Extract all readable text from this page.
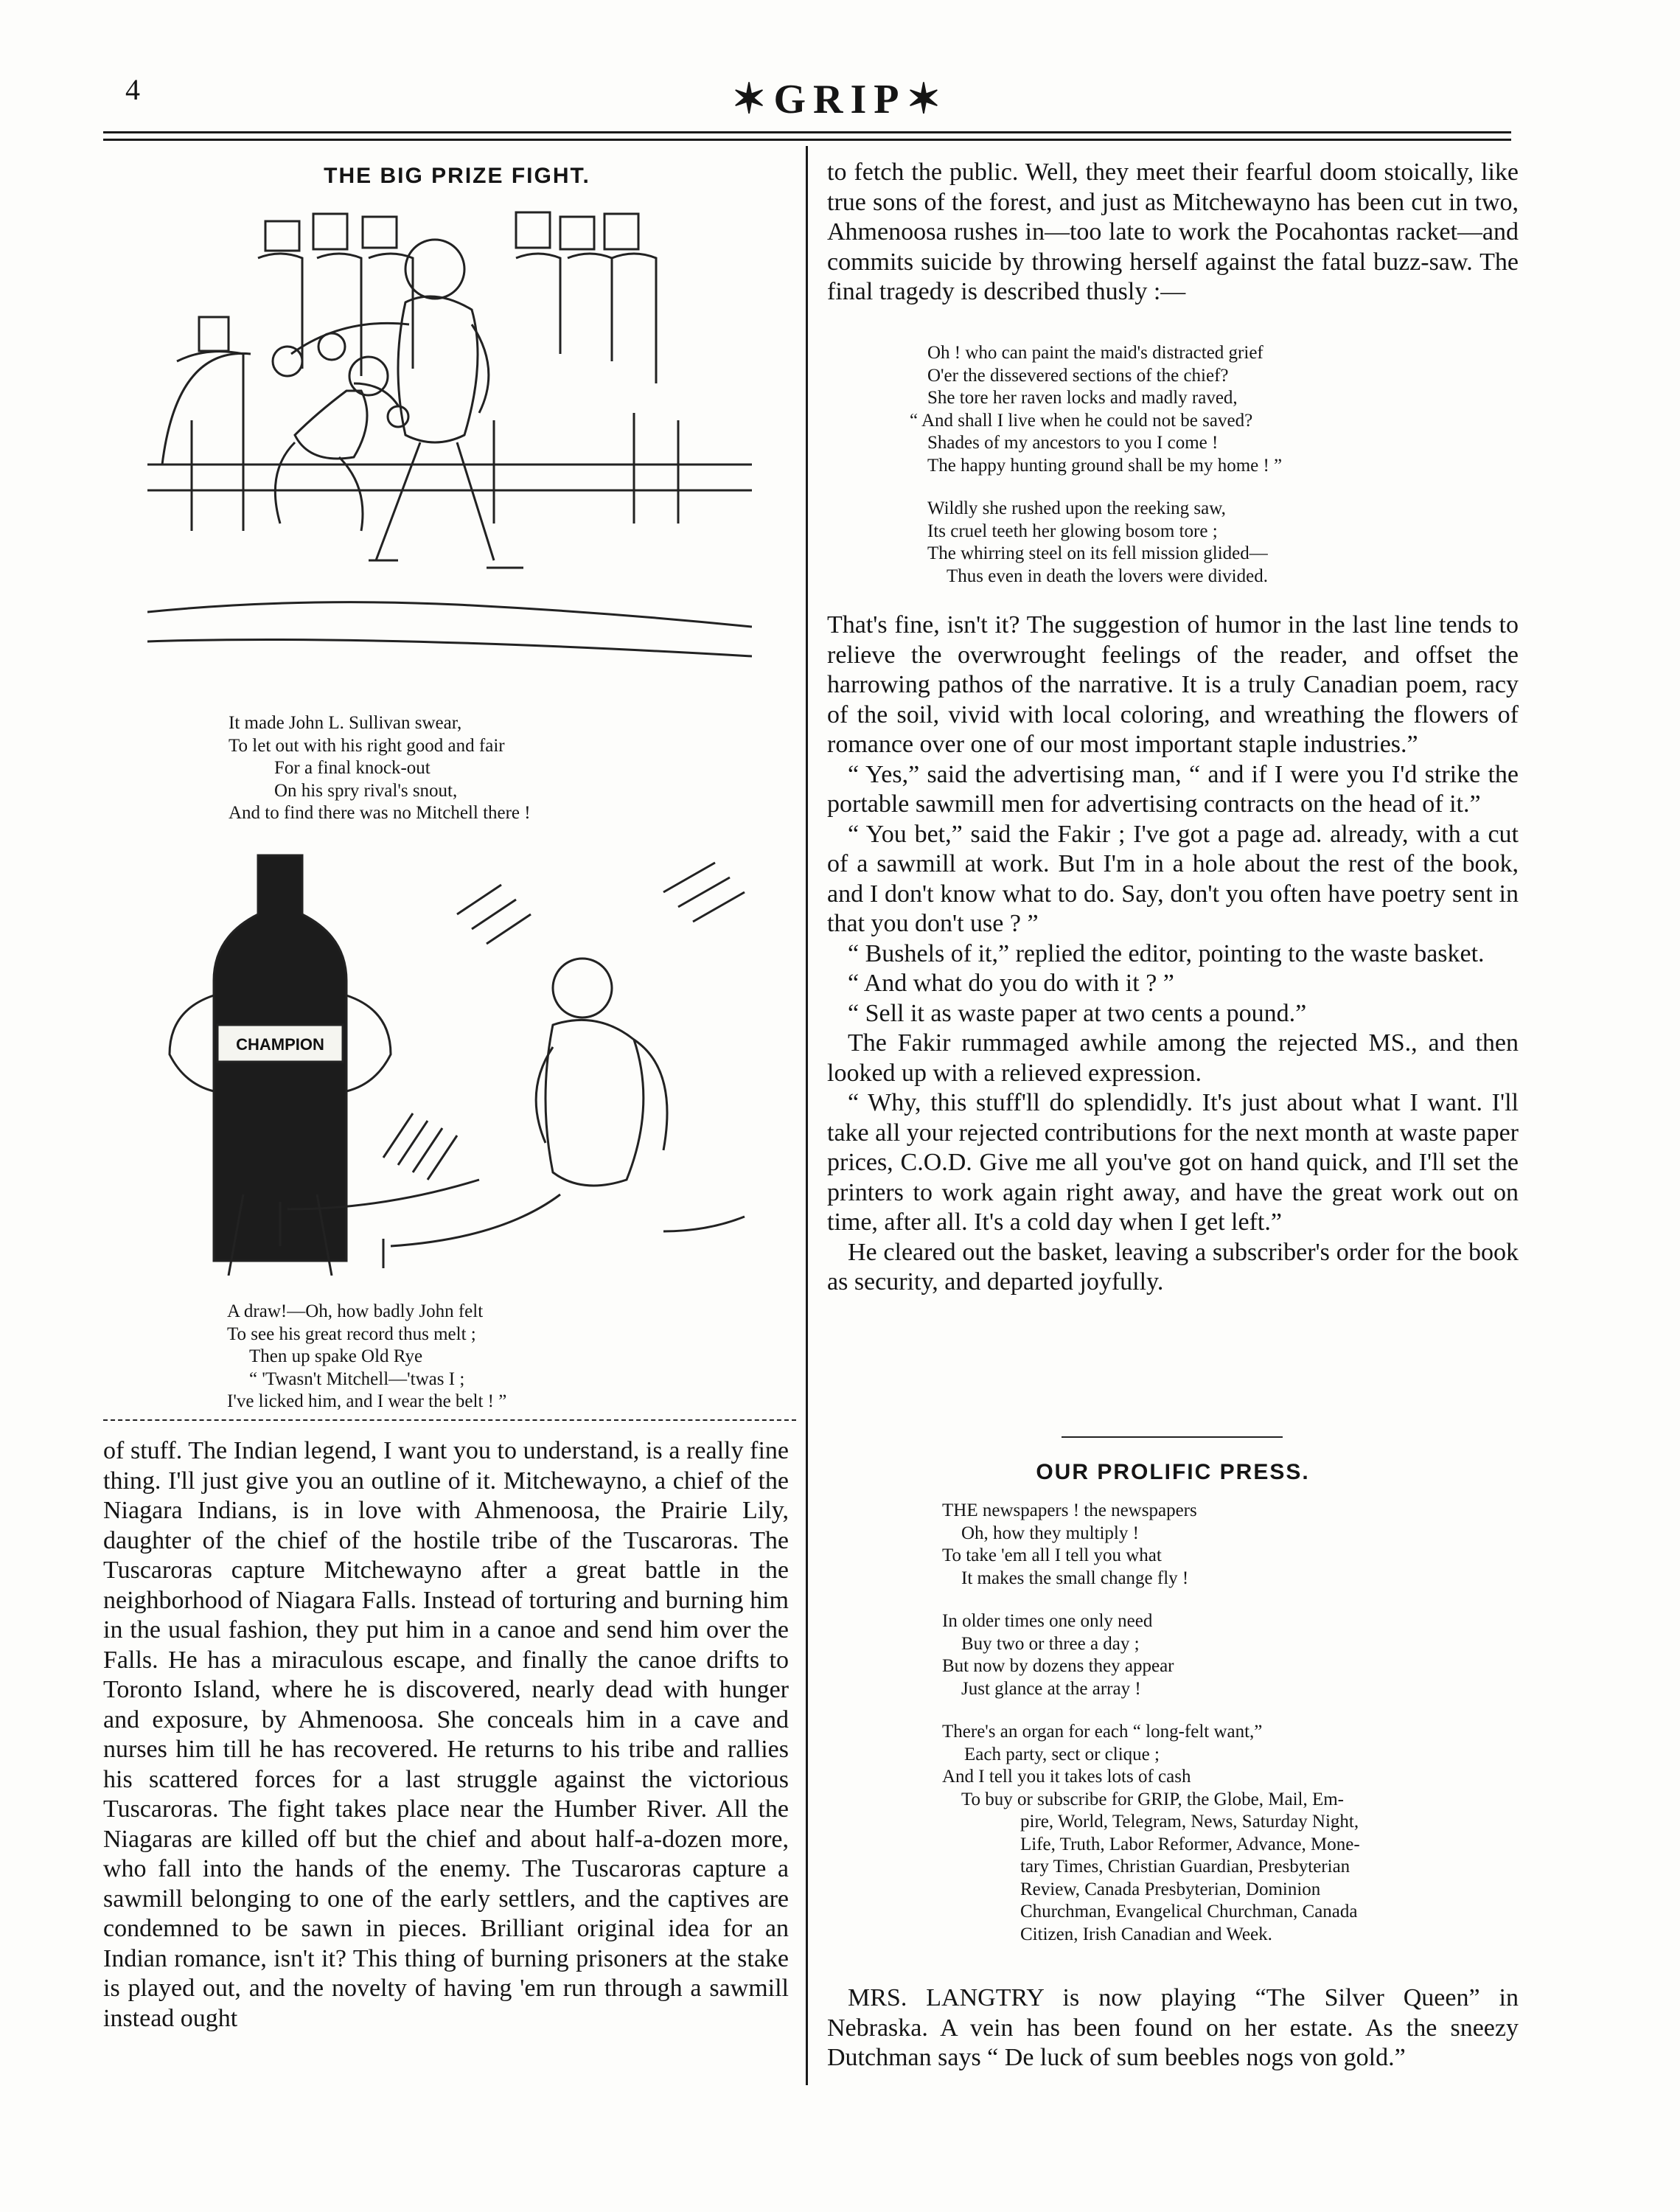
4	✶GRIP✶
THE BIG PRIZE FIGHT.
It made John L. Sullivan swear,
To let out with his right good and fair
For a final knock-out
On his spry rival's snout,
And to find there was no Mitchell there !
CHAMPION
A draw!—Oh, how badly John felt
To see his great record thus melt ;
Then up spake Old Rye
“ 'Twasn't Mitchell—'twas I ;
I've licked him, and I wear the belt ! ”

of stuff. The Indian legend, I want you to understand, is a really fine thing. I'll just give you an outline of it. Mitchewayno, a chief of the Niagara Indians, is in love with Ahmenoosa, the Prairie Lily, daughter of the chief of the hostile tribe of the Tuscaroras. The Tuscaroras capture Mitchewayno after a great battle in the neighborhood of Niagara Falls. Instead of torturing and burning him in the usual fashion, they put him in a canoe and send him over the Falls. He has a miraculous escape, and finally the canoe drifts to Toronto Island, where he is discovered, nearly dead with hunger and exposure, by Ahmenoosa. She conceals him in a cave and nurses him till he has recovered. He returns to his tribe and rallies his scattered forces for a last struggle against the victorious Tuscaroras. The fight takes place near the Humber River. All the Niagaras are killed off but the chief and about half-a-dozen more, who fall into the hands of the enemy. The Tuscaroras capture a sawmill belonging to one of the early settlers, and the captives are condemned to be sawn in pieces. Brilliant original idea for an Indian romance, isn't it? This thing of burning prisoners at the stake is played out, and the novelty of having 'em run through a sawmill instead ought

to fetch the public. Well, they meet their fearful doom stoically, like true sons of the forest, and just as Mitchewayno has been cut in two, Ahmenoosa rushes in—too late to work the Pocahontas racket—and commits suicide by throwing herself against the fatal buzz-saw. The final tragedy is described thusly :—

Oh ! who can paint the maid's distracted grief
O'er the dissevered sections of the chief?
She tore her raven locks and madly raved,
“ And shall I live when he could not be saved?
Shades of my ancestors to you I come !
The happy hunting ground shall be my home ! ”
Wildly she rushed upon the reeking saw,
Its cruel teeth her glowing bosom tore ;
The whirring steel on its fell mission glided—
Thus even in death the lovers were divided.

That's fine, isn't it? The suggestion of humor in the last line tends to relieve the overwrought feelings of the reader, and offset the harrowing pathos of the narrative. It is a truly Canadian poem, racy of the soil, vivid with local coloring, and wreathing the flowers of romance over one of our most important staple industries.”

“ Yes,” said the advertising man, “ and if I were you I'd strike the portable sawmill men for advertising contracts on the head of it.”

“ You bet,” said the Fakir ; I've got a page ad. already, with a cut of a sawmill at work. But I'm in a hole about the rest of the book, and I don't know what to do. Say, don't you often have poetry sent in that you don't use ? ”

“ Bushels of it,” replied the editor, pointing to the waste basket.

“ And what do you do with it ? ”

“ Sell it as waste paper at two cents a pound.”

The Fakir rummaged awhile among the rejected MS., and then looked up with a relieved expression.

“ Why, this stuff'll do splendidly. It's just about what I want. I'll take all your rejected contributions for the next month at waste paper prices, C.O.D. Give me all you've got on hand quick, and I'll set the printers to work again right away, and have the great work out on time, after all. It's a cold day when I get left.”

He cleared out the basket, leaving a subscriber's order for the book as security, and departed joyfully.

OUR PROLIFIC PRESS.
THE newspapers ! the newspapers
Oh, how they multiply !
To take 'em all I tell you what
It makes the small change fly !
In older times one only need
Buy two or three a day ;
But now by dozens they appear
Just glance at the array !
There's an organ for each “ long-felt want,”
Each party, sect or clique ;
And I tell you it takes lots of cash
To buy or subscribe for GRIP, the Globe, Mail, Em-
pire, World, Telegram, News, Saturday Night,
Life, Truth, Labor Reformer, Advance, Mone-
tary Times, Christian Guardian, Presbyterian
Review, Canada Presbyterian, Dominion
Churchman, Evangelical Churchman, Canada
Citizen, Irish Canadian and Week.

MRS. LANGTRY is now playing “The Silver Queen” in Nebraska. A vein has been found on her estate. As the sneezy Dutchman says “ De luck of sum beebles nogs von gold.”
